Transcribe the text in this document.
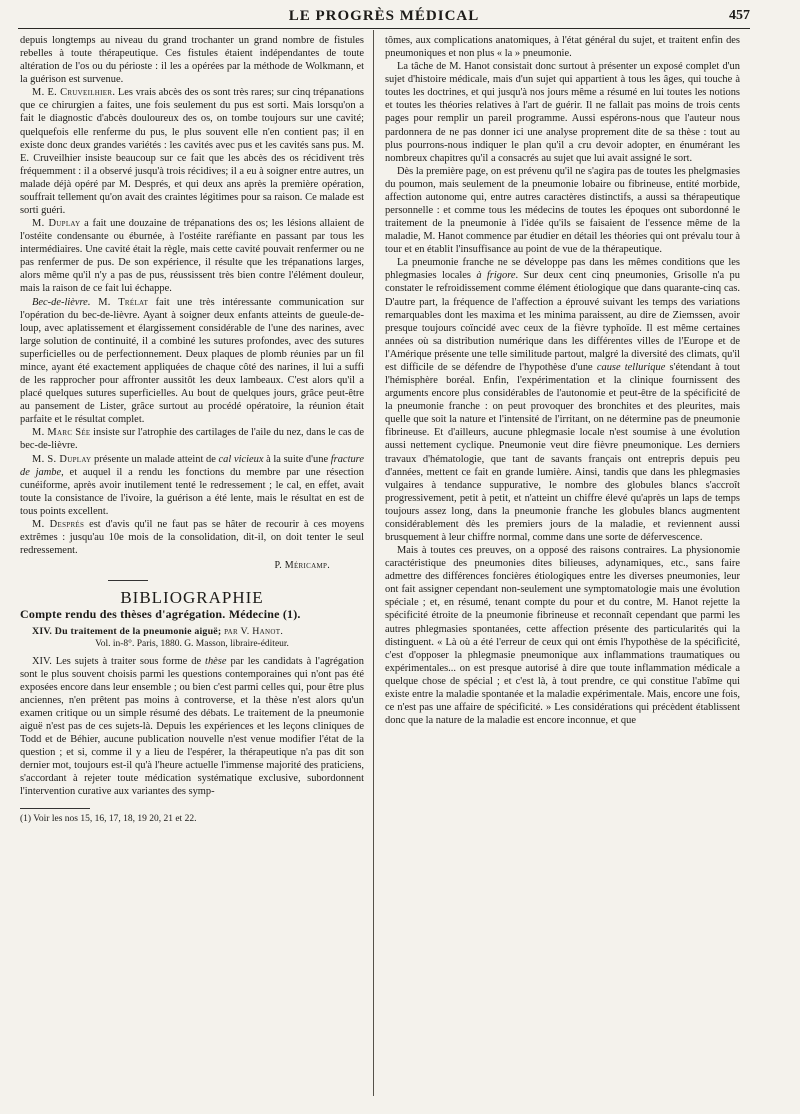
LE PROGRÈS MÉDICAL	457

depuis longtemps au niveau du grand trochanter un grand nombre de fistules rebelles à toute thérapeutique. Ces fistules étaient indépendantes de toute altération de l'os ou du périoste : il les a opérées par la méthode de Wolkmann, et la guérison est survenue.

M. E. Cruveilhier. Les vrais abcès des os sont très rares; sur cinq trépanations que ce chirurgien a faites, une fois seulement du pus est sorti. Mais lorsqu'on a fait le diagnostic d'abcès douloureux des os, on tombe toujours sur une cavité; quelquefois elle renferme du pus, le plus souvent elle n'en contient pas; il en existe donc deux grandes variétés : les cavités avec pus et les cavités sans pus. M. E. Cruveilhier insiste beaucoup sur ce fait que les abcès des os récidivent très fréquemment : il a observé jusqu'à trois récidives; il a eu à soigner entre autres, un malade déjà opéré par M. Després, et qui deux ans après la première opération, souffrait tellement qu'on avait des craintes légitimes pour sa raison. Ce malade est sorti guéri.

M. Duplay a fait une douzaine de trépanations des os; les lésions allaient de l'ostéite condensante ou éburnée, à l'ostéite raréfiante en passant par tous les intermédiaires. Une cavité était la règle, mais cette cavité pouvait renfermer ou ne pas renfermer de pus. De son expérience, il résulte que les trépanations larges, alors même qu'il n'y a pas de pus, réussissent très bien contre l'élément douleur, mais la raison de ce fait lui échappe.

Bec-de-lièvre. M. Trélat fait une très intéressante communication sur l'opération du bec-de-lièvre. Ayant à soigner deux enfants atteints de gueule-de-loup, avec aplatissement et élargissement considérable de l'une des narines, avec large solution de continuité, il a combiné les sutures profondes, avec des sutures superficielles ou de perfectionnement. Deux plaques de plomb réunies par un fil mince, ayant été exactement appliquées de chaque côté des narines, il lui a suffi de les rapprocher pour affronter aussitôt les deux lambeaux. C'est alors qu'il a placé quelques sutures superficielles. Au bout de quelques jours, grâce peut-être au pansement de Lister, grâce surtout au procédé opératoire, la réunion était parfaite et le résultat complet.

M. Marc Sée insiste sur l'atrophie des cartilages de l'aile du nez, dans le cas de bec-de-lièvre.

M. S. Duplay présente un malade atteint de cal vicieux à la suite d'une fracture de jambe, et auquel il a rendu les fonctions du membre par une résection cunéiforme, après avoir inutilement tenté le redressement ; le cal, en effet, avait toute la consistance de l'ivoire, la guérison a été lente, mais le résultat en est de tous points excellent.

M. Després est d'avis qu'il ne faut pas se hâter de recourir à ces moyens extrêmes : jusqu'au 10e mois de la consolidation, dit-il, on doit tenter le seul redressement.

P. Méricamp.
BIBLIOGRAPHIE
Compte rendu des thèses d'agrégation. Médecine (1).

XIV. Du traitement de la pneumonie aiguë; par V. Hanot.

Vol. in-8°. Paris, 1880. G. Masson, libraire-éditeur.

XIV. Les sujets à traiter sous forme de thèse par les candidats à l'agrégation sont le plus souvent choisis parmi les questions contemporaines qui n'ont pas été exposées encore dans leur ensemble ; ou bien c'est parmi celles qui, pour être plus anciennes, n'en prêtent pas moins à controverse, et la thèse n'est alors qu'un examen critique ou un simple résumé des débats. Le traitement de la pneumonie aiguë n'est pas de ces sujets-là. Depuis les expériences et les leçons cliniques de Todd et de Béhier, aucune publication nouvelle n'est venue modifier l'état de la question ; et si, comme il y a lieu de l'espérer, la thérapeutique n'a pas dit son dernier mot, toujours est-il qu'à l'heure actuelle l'immense majorité des praticiens, s'accordant à rejeter toute médication systématique exclusive, subordonnent l'intervention curative aux variantes des symp-

(1) Voir les nos 15, 16, 17, 18, 19 20, 21 et 22.

tômes, aux complications anatomiques, à l'état général du sujet, et traitent enfin des pneumoniques et non plus « la » pneumonie.

La tâche de M. Hanot consistait donc surtout à présenter un exposé complet d'un sujet d'histoire médicale, mais d'un sujet qui appartient à tous les âges, qui touche à toutes les doctrines, et qui jusqu'à nos jours même a résumé en lui toutes les notions et toutes les théories relatives à l'art de guérir. Il ne fallait pas moins de trois cents pages pour remplir un pareil programme. Aussi espérons-nous que l'auteur nous pardonnera de ne pas donner ici une analyse proprement dite de sa thèse : tout au plus pourrons-nous indiquer le plan qu'il a cru devoir adopter, en énumérant les nombreux chapitres qu'il a consacrés au sujet que lui avait assigné le sort.

Dès la première page, on est prévenu qu'il ne s'agira pas de toutes les phelgmasies du poumon, mais seulement de la pneumonie lobaire ou fibrineuse, entité morbide, affection autonome qui, entre autres caractères distinctifs, a aussi sa thérapeutique personnelle : et comme tous les médecins de toutes les époques ont subordonné le traitement de la pneumonie à l'idée qu'ils se faisaient de l'essence même de la maladie, M. Hanot commence par étudier en détail les théories qui ont prévalu tour à tour et en établit l'insuffisance au point de vue de la thérapeutique.

La pneumonie franche ne se développe pas dans les mêmes conditions que les phlegmasies locales à frigore. Sur deux cent cinq pneumonies, Grisolle n'a pu constater le refroidissement comme élément étiologique que dans quarante-cinq cas. D'autre part, la fréquence de l'affection a éprouvé suivant les temps des variations remarquables dont les maxima et les minima paraissent, au dire de Ziemssen, avoir presque toujours coïncidé avec ceux de la fièvre typhoïde. Il est même certaines années où sa distribution numérique dans les différentes villes de l'Europe et de l'Amérique présente une telle similitude partout, malgré la diversité des climats, qu'il est difficile de se défendre de l'hypothèse d'une cause tellurique s'étendant à tout l'hémisphère boréal. Enfin, l'expérimentation et la clinique fournissent des arguments encore plus considérables de l'autonomie et peut-être de la spécificité de la pneumonie franche : on peut provoquer des bronchites et des pleurites, mais quelle que soit la nature et l'intensité de l'irritant, on ne détermine pas de pneumonie fibrineuse. Et d'ailleurs, aucune phlegmasie locale n'est soumise à une évolution aussi nettement cyclique. Pneumonie veut dire fièvre pneumonique. Les derniers travaux d'hématologie, que tant de savants français ont entrepris depuis peu d'années, mettent ce fait en grande lumière. Ainsi, tandis que dans les phlegmasies vulgaires à tendance suppurative, le nombre des globules blancs s'accroît progressivement, petit à petit, et n'atteint un chiffre élevé qu'après un laps de temps toujours assez long, dans la pneumonie franche les globules blancs augmentent considérablement dès les premiers jours de la maladie, et reviennent aussi brusquement à leur chiffre normal, comme dans une sorte de défervescence.

Mais à toutes ces preuves, on a opposé des raisons contraires. La physionomie caractéristique des pneumonies dites bilieuses, adynamiques, etc., sans faire admettre des différences foncières étiologiques entre les diverses pneumonies, leur ont fait assigner cependant non-seulement une symptomatologie mais une évolution spéciale ; et, en résumé, tenant compte du pour et du contre, M. Hanot rejette la spécificité étroite de la pneumonie fibrineuse et reconnaît cependant que parmi les autres phlegmasies spontanées, cette affection présente des particularités qui la distinguent. « Là où a été l'erreur de ceux qui ont émis l'hypothèse de la spécificité, c'est d'opposer la phlegmasie pneumonique aux inflammations traumatiques ou expérimentales... on est presque autorisé à dire que toute inflammation médicale a quelque chose de spécial ; et c'est là, à tout prendre, ce qui constitue l'abîme qui existe entre la maladie spontanée et la maladie expérimentale. Mais, encore une fois, ce n'est pas une affaire de spécificité. » Les considérations qui précèdent établissent donc que la nature de la maladie est encore inconnue, et que
